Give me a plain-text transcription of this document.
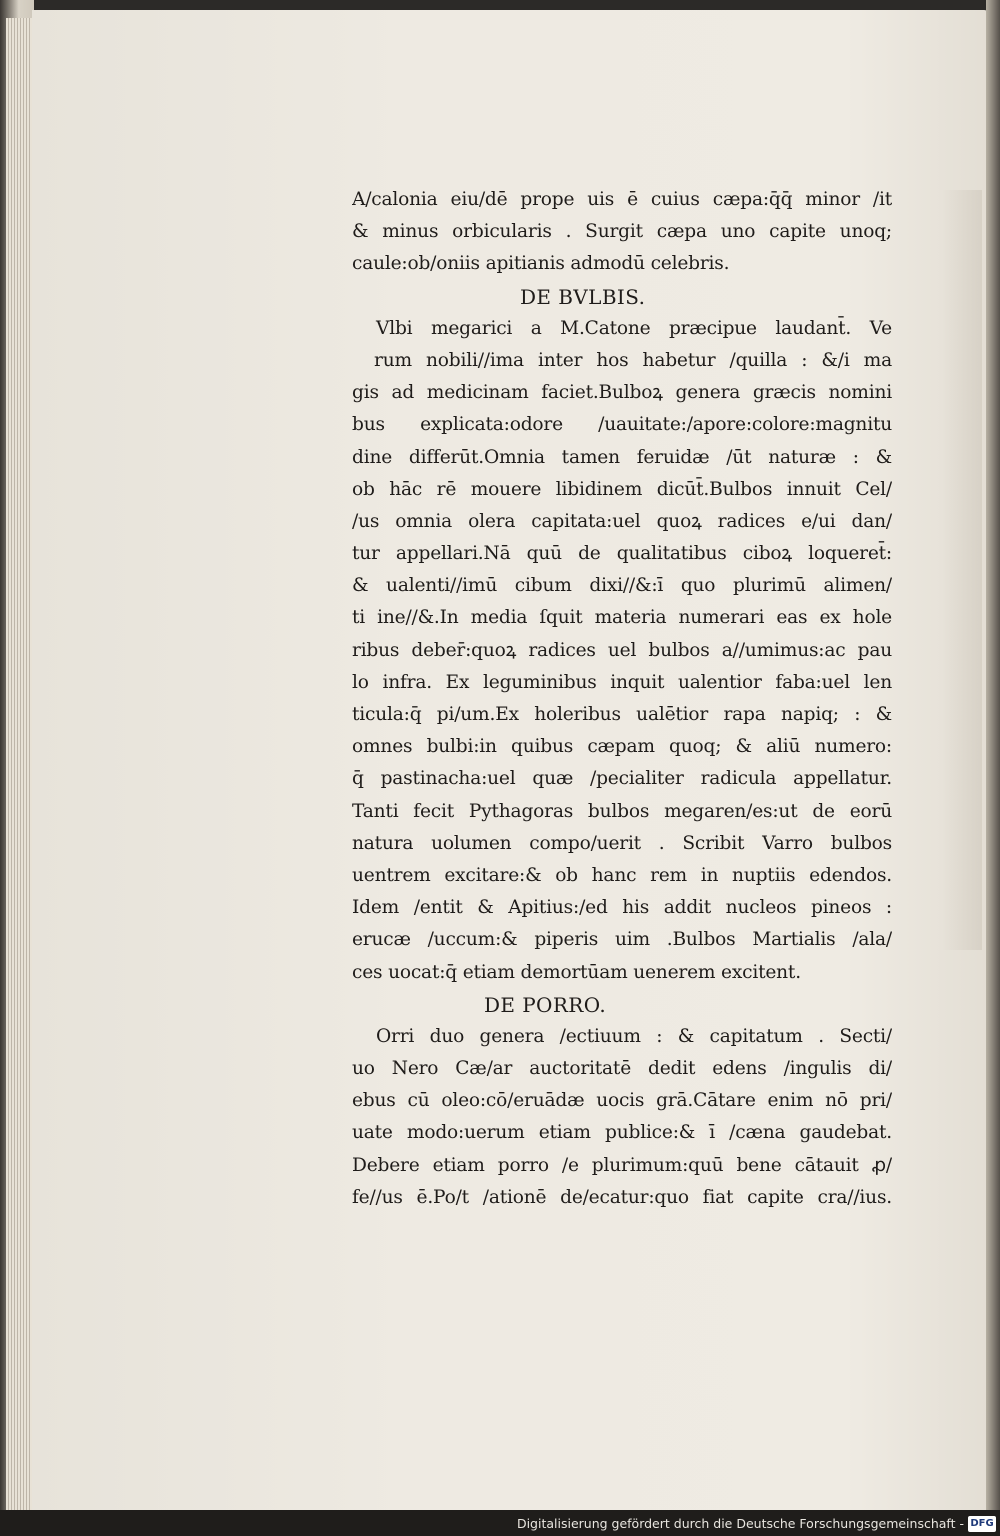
A/calonia eiu/dē prope uis ē cuius cæpa:q̄q̄ minor /it
& minus orbicularis . Surgit cæpa uno capite unoq;
caule:ob/oniis apitianis admodū celebris.
DE BVLBIS.
Vlbi megarici a M.Catone præcipue laudant̄. Ve
rum nobili//ima inter hos habetur /quilla : &/i ma
gis ad medicinam faciet.Bulboꝝ genera græcis nomini
bus explicata:odore /uauitate:/apore:colore:magnitu
dine differūt.Omnia tamen feruidæ /ūt naturæ : &
ob hāc rē mouere libidinem dicūt̄.Bulbos innuit Cel/
/us omnia olera capitata:uel quoꝝ radices e/ui dan/
tur appellari.Nā quū de qualitatibus ciboꝝ loqueret̄:
& ualenti//imū cibum dixi//&:ī quo plurimū alimen/
ti ine//&.In media ſquit materia numerari eas ex hole
ribus deber̄:quoꝝ radices uel bulbos a//umimus:ac pau
lo infra. Ex leguminibus inquit ualentior faba:uel len
ticula:q̄ pi/um.Ex holeribus ualētior rapa napiq; : &
omnes bulbi:in quibus cæpam quoq; & aliū numero:
q̄ pastinacha:uel quæ /pecialiter radicula appellatur.
Tanti fecit Pythagoras bulbos megaren/es:ut de eorū
natura uolumen compo/uerit . Scribit Varro bulbos
uentrem excitare:& ob hanc rem in nuptiis edendos.
Idem /entit & Apitius:/ed his addit nucleos pineos :
erucæ /uccum:& piperis uim .Bulbos Martialis /ala/
ces uocat:q̄ etiam demortūam uenerem excitent.
DE PORRO.
Orri duo genera /ectiuum : & capitatum . Secti/
uo Nero Cæ/ar auctoritatē dedit edens /ingulis di/
ebus cū oleo:cō/eruādæ uocis grā.Cātare enim nō pri/
uate modo:uerum etiam publice:& ī /cæna gaudebat.
Debere etiam porro /e plurimum:quū bene cātauit ꝓ/
fe//us ē.Po/t /ationē de/ecatur:quo fiat capite cra//ius.
Digitalisierung gefördert durch die Deutsche Forschungsgemeinschaft - DFG
